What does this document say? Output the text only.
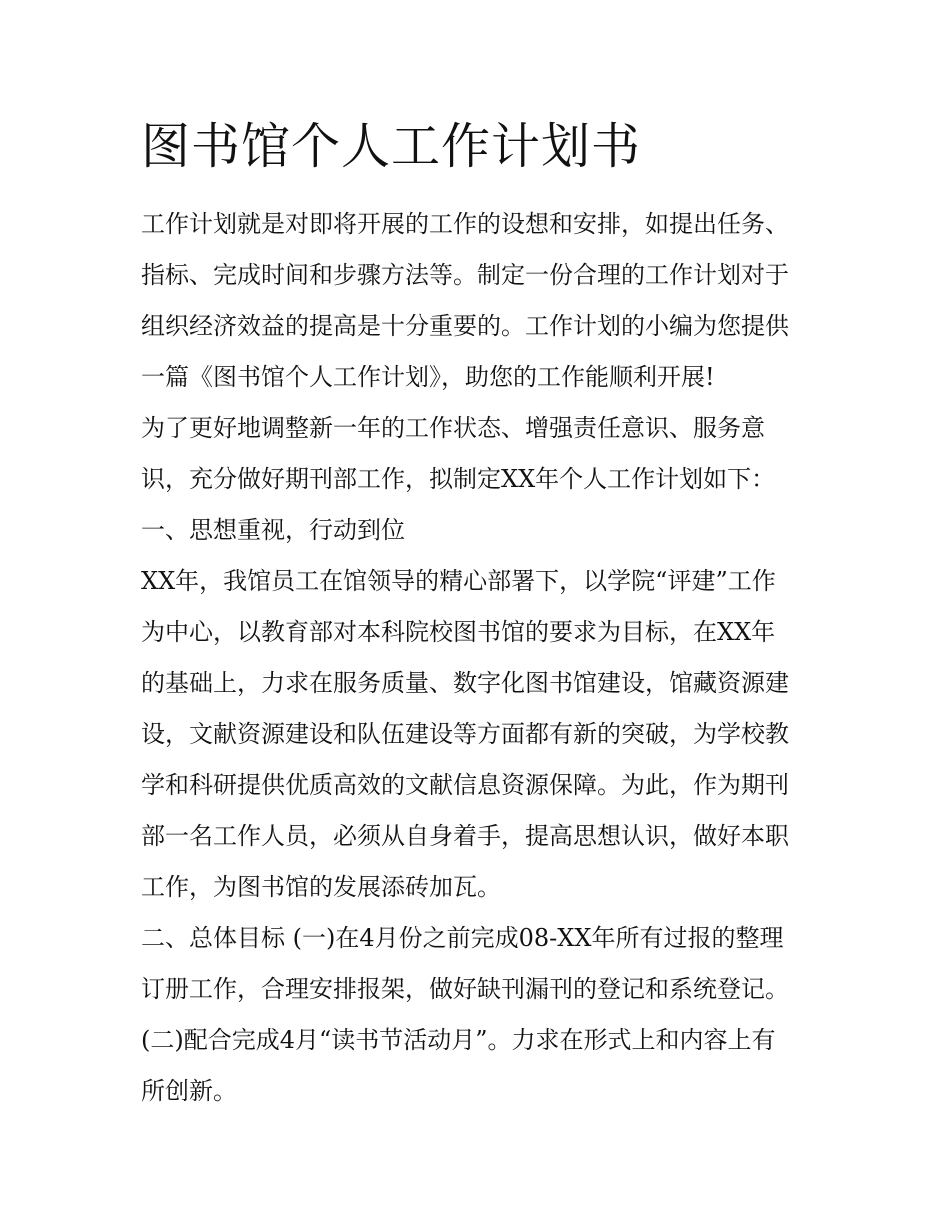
图书馆个人工作计划书

工作计划就是对即将开展的工作的设想和安排，如提出任务、

指标、完成时间和步骤方法等。制定一份合理的工作计划对于

组织经济效益的提高是十分重要的。工作计划的小编为您提供

一篇《图书馆个人工作计划》，助您的工作能顺利开展!

为了更好地调整新一年的工作状态、增强责任意识、服务意

识，充分做好期刊部工作，拟制定XX年个人工作计划如下：

一、思想重视，行动到位

XX年，我馆员工在馆领导的精心部署下，以学院“评建”工作

为中心，以教育部对本科院校图书馆的要求为目标，在XX年

的基础上，力求在服务质量、数字化图书馆建设，馆藏资源建

设，文献资源建设和队伍建设等方面都有新的突破，为学校教

学和科研提供优质高效的文献信息资源保障。为此，作为期刊

部一名工作人员，必须从自身着手，提高思想认识，做好本职

工作，为图书馆的发展添砖加瓦。

二、总体目标 (一)在4月份之前完成08-XX年所有过报的整理

订册工作，合理安排报架，做好缺刊漏刊的登记和系统登记。

(二)配合完成4月“读书节活动月”。力求在形式上和内容上有

所创新。
